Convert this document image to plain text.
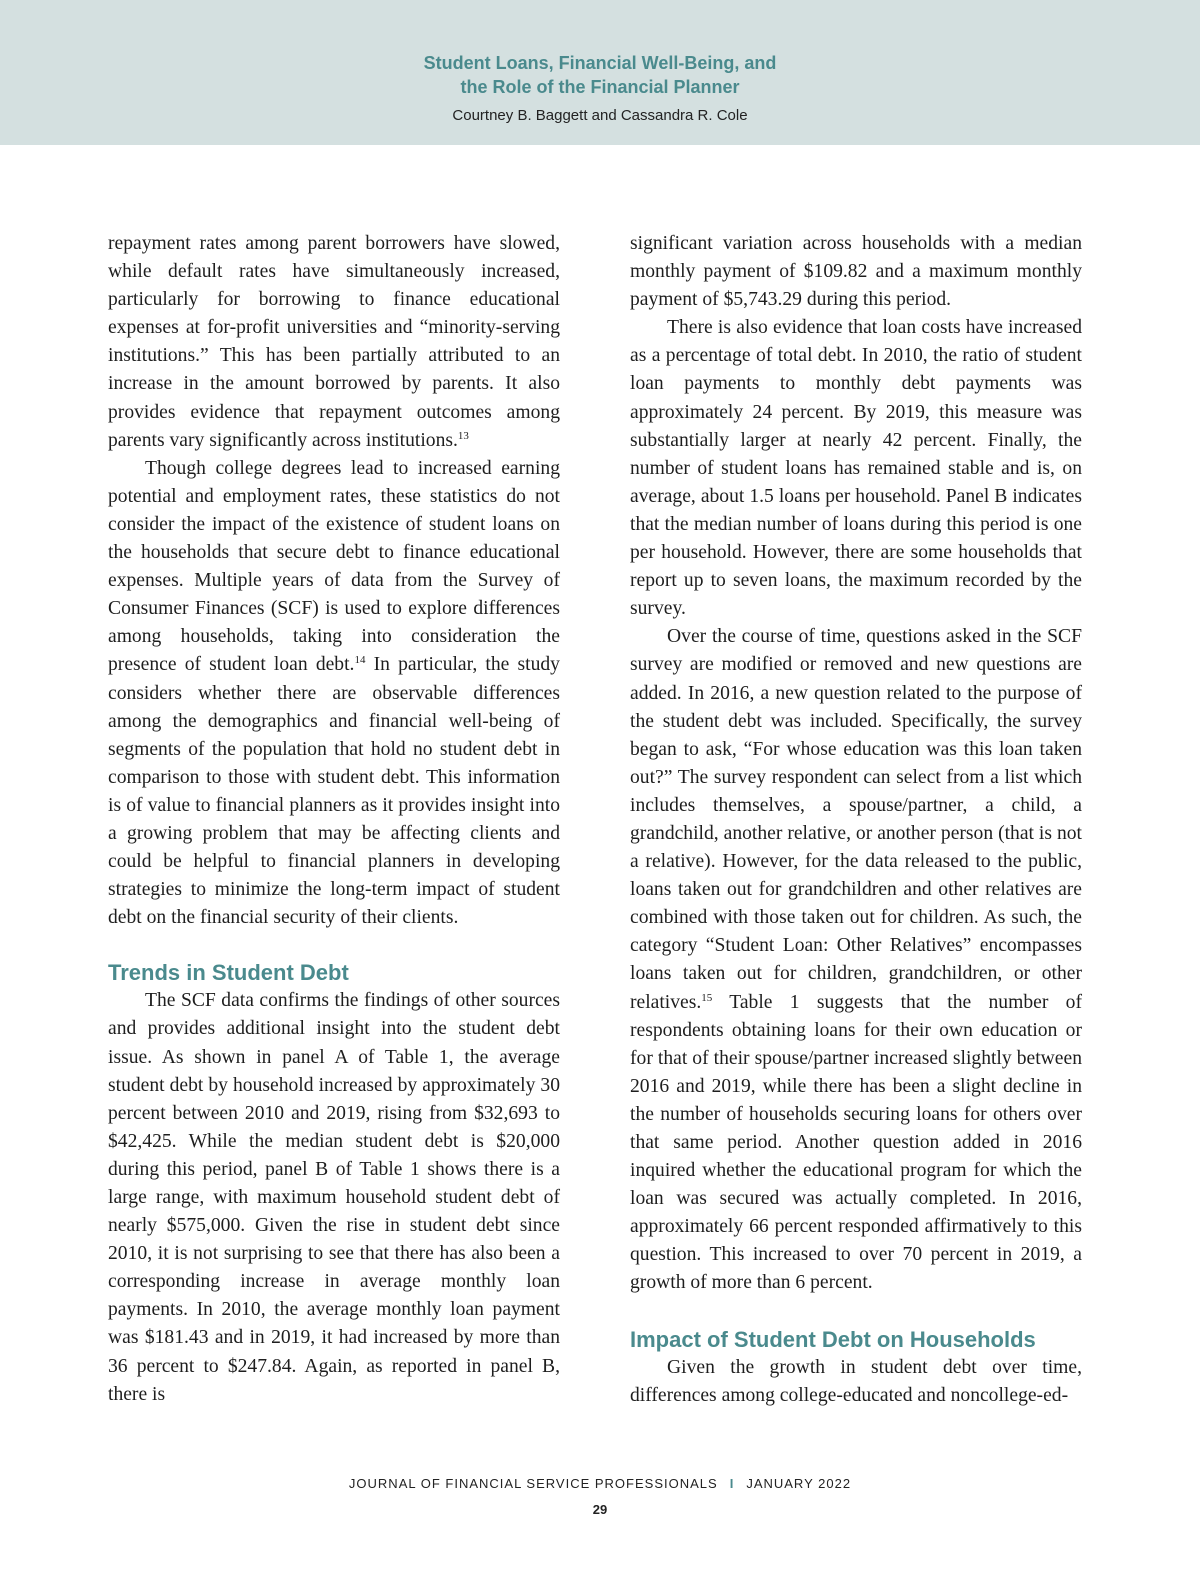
Student Loans, Financial Well-Being, and
the Role of the Financial Planner
Courtney B. Baggett and Cassandra R. Cole

repayment rates among parent borrowers have slowed, while default rates have simultaneously increased, particularly for borrowing to finance educational expenses at for-profit universities and “minority-serving institutions.” This has been partially attributed to an increase in the amount borrowed by parents. It also provides evidence that repayment outcomes among parents vary significantly across institutions.$^{13}$

Though college degrees lead to increased earning potential and employment rates, these statistics do not consider the impact of the existence of student loans on the households that secure debt to finance educational expenses. Multiple years of data from the Survey of Consumer Finances (SCF) is used to explore differences among households, taking into consideration the presence of student loan debt.$^{14}$ In particular, the study considers whether there are observable differences among the demographics and financial well-being of segments of the population that hold no student debt in comparison to those with student debt. This information is of value to financial planners as it provides insight into a growing problem that may be affecting clients and could be helpful to financial planners in developing strategies to minimize the long-term impact of student debt on the financial security of their clients.

Trends in Student Debt

The SCF data confirms the findings of other sources and provides additional insight into the student debt issue. As shown in panel A of Table 1, the average student debt by household increased by approximately 30 percent between 2010 and 2019, rising from $32,693 to $42,425. While the median student debt is $20,000 during this period, panel B of Table 1 shows there is a large range, with maximum household student debt of nearly $575,000. Given the rise in student debt since 2010, it is not surprising to see that there has also been a corresponding increase in average monthly loan payments. In 2010, the average monthly loan payment was $181.43 and in 2019, it had increased by more than 36 percent to $247.84. Again, as reported in panel B, there is

significant variation across households with a median monthly payment of $109.82 and a maximum monthly payment of $5,743.29 during this period.

There is also evidence that loan costs have increased as a percentage of total debt. In 2010, the ratio of student loan payments to monthly debt payments was approximately 24 percent. By 2019, this measure was substantially larger at nearly 42 percent. Finally, the number of student loans has remained stable and is, on average, about 1.5 loans per household. Panel B indicates that the median number of loans during this period is one per household. However, there are some households that report up to seven loans, the maximum recorded by the survey.

Over the course of time, questions asked in the SCF survey are modified or removed and new questions are added. In 2016, a new question related to the purpose of the student debt was included. Specifically, the survey began to ask, “For whose education was this loan taken out?” The survey respondent can select from a list which includes themselves, a spouse/partner, a child, a grandchild, another relative, or another person (that is not a relative). However, for the data released to the public, loans taken out for grandchildren and other relatives are combined with those taken out for children. As such, the category “Student Loan: Other Relatives” encompasses loans taken out for children, grandchildren, or other relatives.$^{15}$ Table 1 suggests that the number of respondents obtaining loans for their own education or for that of their spouse/partner increased slightly between 2016 and 2019, while there has been a slight decline in the number of households securing loans for others over that same period. Another question added in 2016 inquired whether the educational program for which the loan was secured was actually completed. In 2016, approximately 66 percent responded affirmatively to this question. This increased to over 70 percent in 2019, a growth of more than 6 percent.

Impact of Student Debt on Households

Given the growth in student debt over time, differences among college-educated and noncollege-ed-

JOURNAL OF FINANCIAL SERVICE PROFESSIONALS I JANUARY 2022
29
